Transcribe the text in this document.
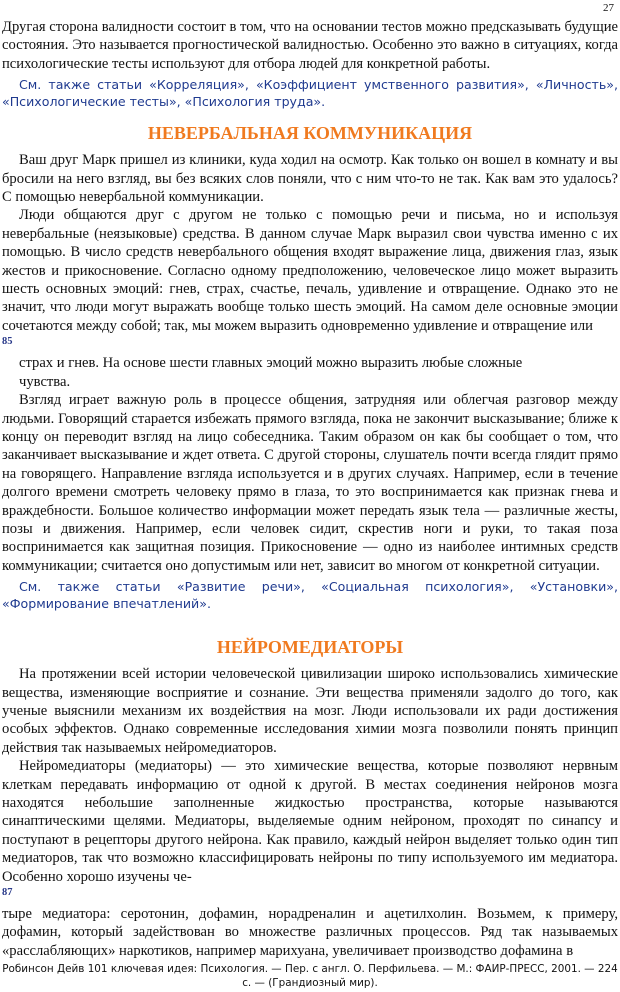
27

Другая сторона валидности состоит в том, что на основании тестов можно предсказывать будущие состояния. Это называется прогностической валидностью. Особенно это важно в ситуациях, когда психологические тесты используют для отбора людей для конкретной работы.

См. также статьи «Корреляция», «Коэффициент умственного развития», «Личность», «Психологические тесты», «Психология труда».

НЕВЕРБАЛЬНАЯ КОММУНИКАЦИЯ

Ваш друг Марк пришел из клиники, куда ходил на осмотр. Как только он вошел в комнату и вы бросили на него взгляд, вы без всяких слов поняли, что с ним что-то не так. Как вам это удалось? С помощью невербальной коммуникации.

Люди общаются друг с другом не только с помощью речи и письма, но и используя невербальные (неязыковые) средства. В данном случае Марк выразил свои чувства именно с их помощью. В число средств невербального общения входят выражение лица, движения глаз, язык жестов и прикосновение. Согласно одному предположению, человеческое лицо может выразить шесть основных эмоций: гнев, страх, счастье, печаль, удивление и отвращение. Однако это не значит, что люди могут выражать вообще только шесть эмоций. На самом деле основные эмоции сочетаются между собой; так, мы можем выразить одновременно удивление и отвращение или

85

страх и гнев. На основе шести главных эмоций можно выразить любые сложные

чувства.

Взгляд играет важную роль в процессе общения, затрудняя или облегчая разговор между людьми. Говорящий старается избежать прямого взгляда, пока не закончит высказывание; ближе к концу он переводит взгляд на лицо собеседника. Таким образом он как бы сообщает о том, что заканчивает высказывание и ждет ответа. С другой стороны, слушатель почти всегда глядит прямо на говорящего. Направление взгляда используется и в других случаях. Например, если в течение долгого времени смотреть человеку прямо в глаза, то это воспринимается как признак гнева и враждебности. Большое количество информации может передать язык тела — различные жесты, позы и движения. Например, если человек сидит, скрестив ноги и руки, то такая поза воспринимается как защитная позиция. Прикосновение — одно из наиболее интимных средств коммуникации; считается оно допустимым или нет, зависит во многом от конкретной ситуации.

См. также статьи «Развитие речи», «Социальная психология», «Установки», «Формирование впечатлений».

НЕЙРОМЕДИАТОРЫ

На протяжении всей истории человеческой цивилизации широко использовались химические вещества, изменяющие восприятие и сознание. Эти вещества применяли задолго до того, как ученые выяснили механизм их воздействия на мозг. Люди использовали их ради достижения особых эффектов. Однако современные исследования химии мозга позволили понять принцип действия так называемых нейромедиаторов.

Нейромедиаторы (медиаторы) — это химические вещества, которые позволяют нервным клеткам передавать информацию от одной к другой. В местах соединения нейронов мозга находятся небольшие заполненные жидкостью пространства, которые называются синаптическими щелями. Медиаторы, выделяемые одним нейроном, проходят по синапсу и поступают в рецепторы другого нейрона. Как правило, каждый нейрон выделяет только один тип медиаторов, так что возможно классифицировать нейроны по типу используемого им медиатора. Особенно хорошо изучены че-

87

тыре медиатора: серотонин, дофамин, норадреналин и ацетилхолин. Возьмем, к примеру, дофамин, который задействован во множестве различных процессов. Ряд так называемых «расслабляющих» наркотиков, например марихуана, увеличивает производство дофамина в

Робинсон Дейв 101 ключевая идея: Психология. — Пер. с англ. О. Перфильева. — М.: ФАИР-ПРЕСС, 2001. — 224 с. — (Грандиозный мир).
